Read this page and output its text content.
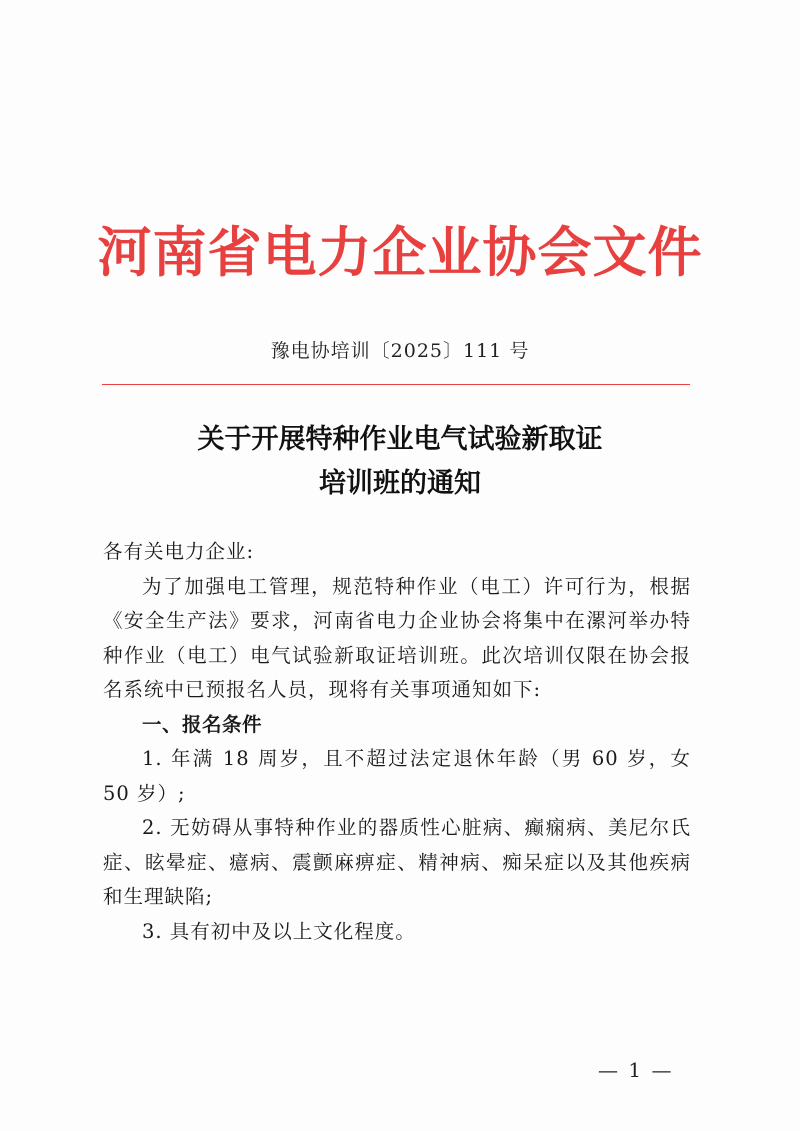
河南省电力企业协会文件
豫电协培训〔2025〕111 号
关于开展特种作业电气试验新取证
培训班的通知

各有关电力企业:

为了加强电工管理，规范特种作业（电工）许可行为，根据《安全生产法》要求，河南省电力企业协会将集中在漯河举办特种作业（电工）电气试验新取证培训班。此次培训仅限在协会报名系统中已预报名人员，现将有关事项通知如下:

一、报名条件

1. 年满 18 周岁，且不超过法定退休年龄（男 60 岁，女 50 岁）;

2. 无妨碍从事特种作业的器质性心脏病、癫痫病、美尼尔氏症、眩晕症、癔病、震颤麻痹症、精神病、痴呆症以及其他疾病和生理缺陷;

3. 具有初中及以上文化程度。

— 1 —
